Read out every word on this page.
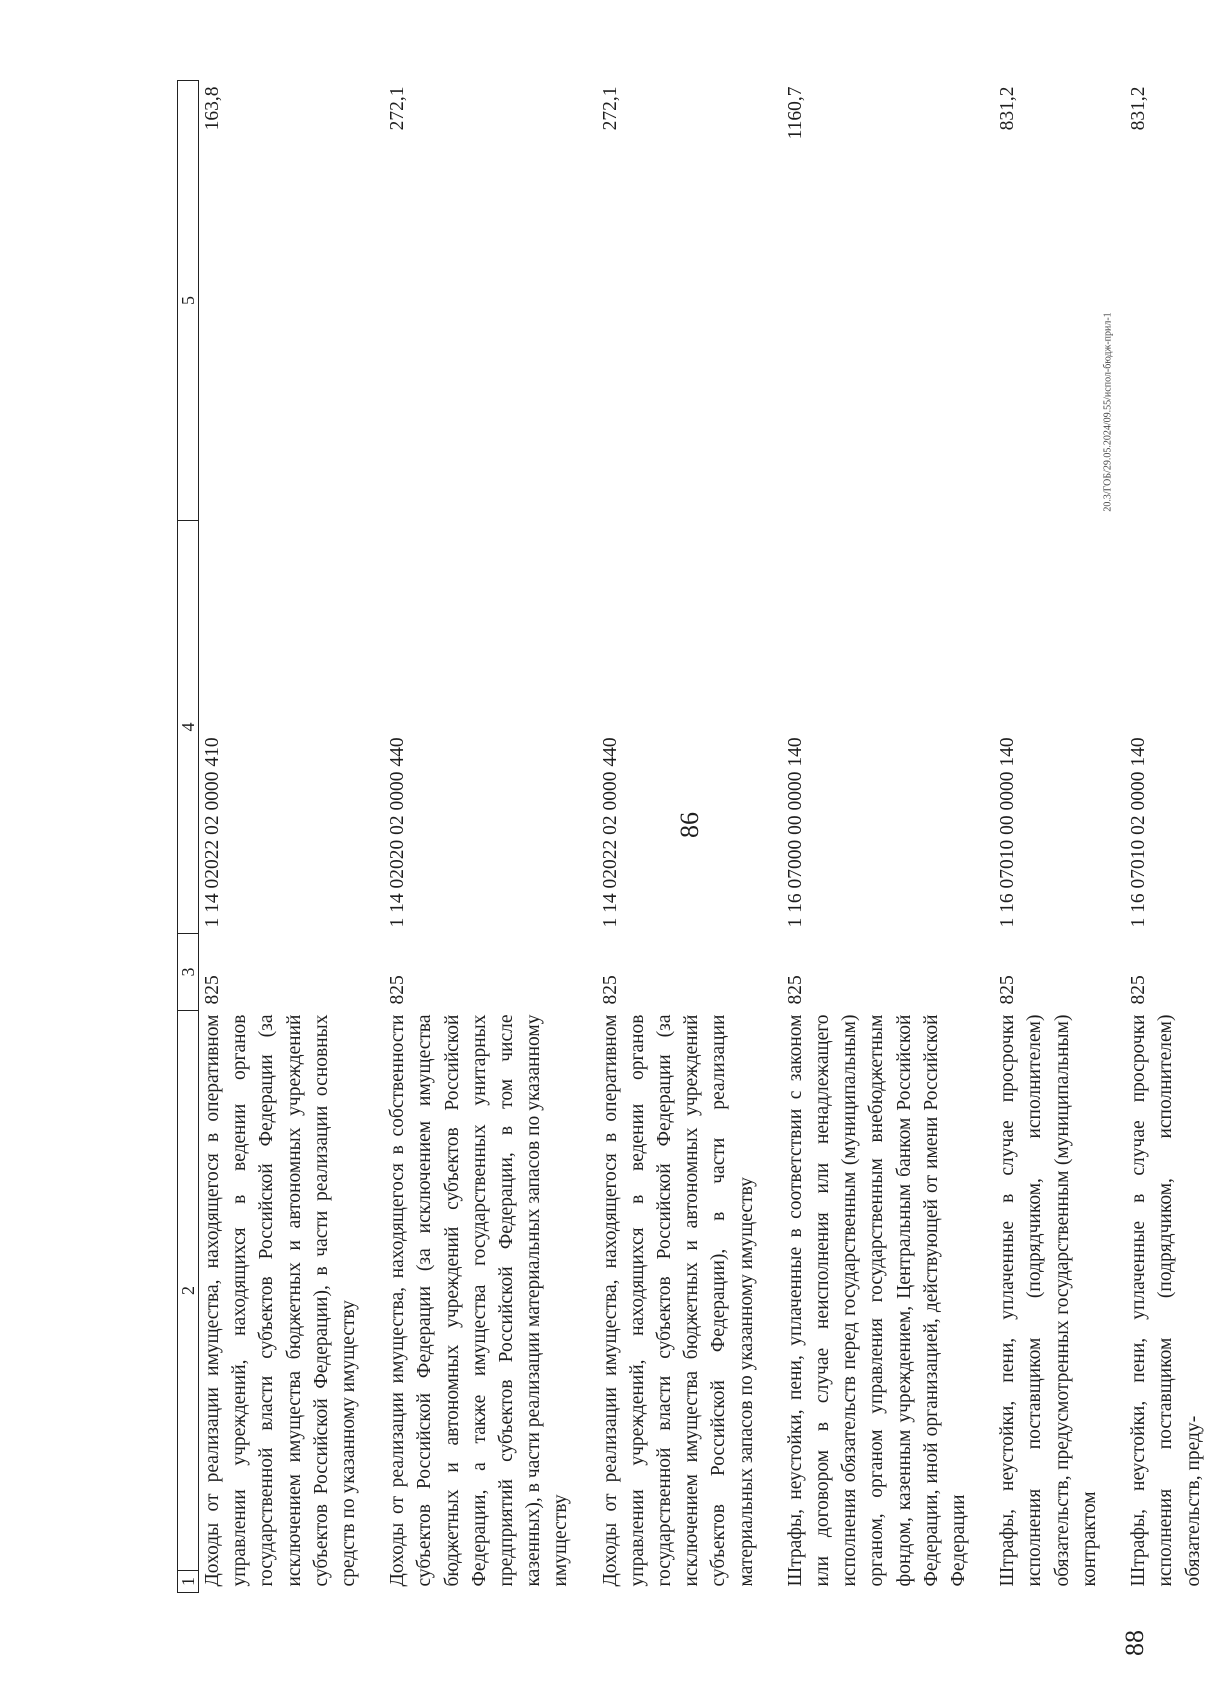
86
1	2	3	4	5
Доходы от реализации имущества, находящегося в оперативном управлении учреждений, находящихся в ведении органов государственной власти субъектов Российской Федерации (за исключением имущества бюджетных и автономных учреждений субъектов Российской Федерации), в части реализации основных средств по указанному имуществу		825	1 14 02022 02 0000 410	163,8
Доходы от реализации имущества, находящегося в собственности субъектов Российской Федерации (за исключением имущества бюджетных и автономных учреждений субъектов Российской Федерации, а также имущества государственных унитарных предприятий субъектов Российской Федерации, в том числе казенных), в части реализации материальных запасов по указанному имуществу		825	1 14 02020 02 0000 440	272,1
Доходы от реализации имущества, находящегося в оперативном управлении учреждений, находящихся в ведении органов государственной власти субъектов Российской Федерации (за исключением имущества бюджетных и автономных учреждений субъектов Российской Федерации), в части реализации материальных запасов по указанному имуществу		825	1 14 02022 02 0000 440	272,1
Штрафы, неустойки, пени, уплаченные в соответствии с законом или договором в случае неисполнения или ненадлежащего исполнения обязательств перед государственным (муниципальным) органом, органом управления государственным внебюджетным фондом, казенным учреждением, Центральным банком Российской Федерации, иной организацией, действующей от имени Российской Федерации		825	1 16 07000 00 0000 140	1160,7
Штрафы, неустойки, пени, уплаченные в случае просрочки исполнения поставщиком (подрядчиком, исполнителем) обязательств, предусмотренных государственным (муниципальным) контрактом		825	1 16 07010 00 0000 140	831,2
Штрафы, неустойки, пени, уплаченные в случае просрочки исполнения поставщиком (подрядчиком, исполнителем) обязательств, преду-		825	1 16 07010 02 0000 140	831,2
20.3/ГОБ/29.05.2024/09.55/испол-бюдж-прил-1
88
